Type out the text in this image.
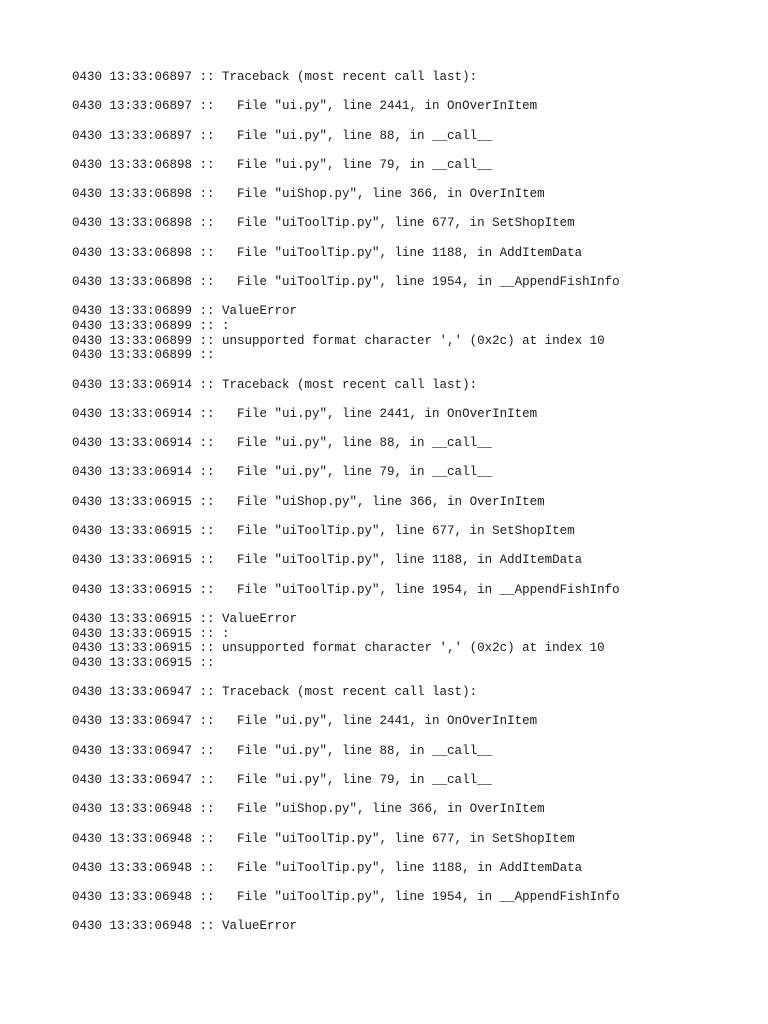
0430 13:33:06897 :: Traceback (most recent call last):
0430 13:33:06897 ::   File "ui.py", line 2441, in OnOverInItem
0430 13:33:06897 ::   File "ui.py", line 88, in __call__
0430 13:33:06898 ::   File "ui.py", line 79, in __call__
0430 13:33:06898 ::   File "uiShop.py", line 366, in OverInItem
0430 13:33:06898 ::   File "uiToolTip.py", line 677, in SetShopItem
0430 13:33:06898 ::   File "uiToolTip.py", line 1188, in AddItemData
0430 13:33:06898 ::   File "uiToolTip.py", line 1954, in __AppendFishInfo
0430 13:33:06899 :: ValueError
0430 13:33:06899 :: :
0430 13:33:06899 :: unsupported format character ',' (0x2c) at index 10
0430 13:33:06899 ::
0430 13:33:06914 :: Traceback (most recent call last):
0430 13:33:06914 ::   File "ui.py", line 2441, in OnOverInItem
0430 13:33:06914 ::   File "ui.py", line 88, in __call__
0430 13:33:06914 ::   File "ui.py", line 79, in __call__
0430 13:33:06915 ::   File "uiShop.py", line 366, in OverInItem
0430 13:33:06915 ::   File "uiToolTip.py", line 677, in SetShopItem
0430 13:33:06915 ::   File "uiToolTip.py", line 1188, in AddItemData
0430 13:33:06915 ::   File "uiToolTip.py", line 1954, in __AppendFishInfo
0430 13:33:06915 :: ValueError
0430 13:33:06915 :: :
0430 13:33:06915 :: unsupported format character ',' (0x2c) at index 10
0430 13:33:06915 ::
0430 13:33:06947 :: Traceback (most recent call last):
0430 13:33:06947 ::   File "ui.py", line 2441, in OnOverInItem
0430 13:33:06947 ::   File "ui.py", line 88, in __call__
0430 13:33:06947 ::   File "ui.py", line 79, in __call__
0430 13:33:06948 ::   File "uiShop.py", line 366, in OverInItem
0430 13:33:06948 ::   File "uiToolTip.py", line 677, in SetShopItem
0430 13:33:06948 ::   File "uiToolTip.py", line 1188, in AddItemData
0430 13:33:06948 ::   File "uiToolTip.py", line 1954, in __AppendFishInfo
0430 13:33:06948 :: ValueError
